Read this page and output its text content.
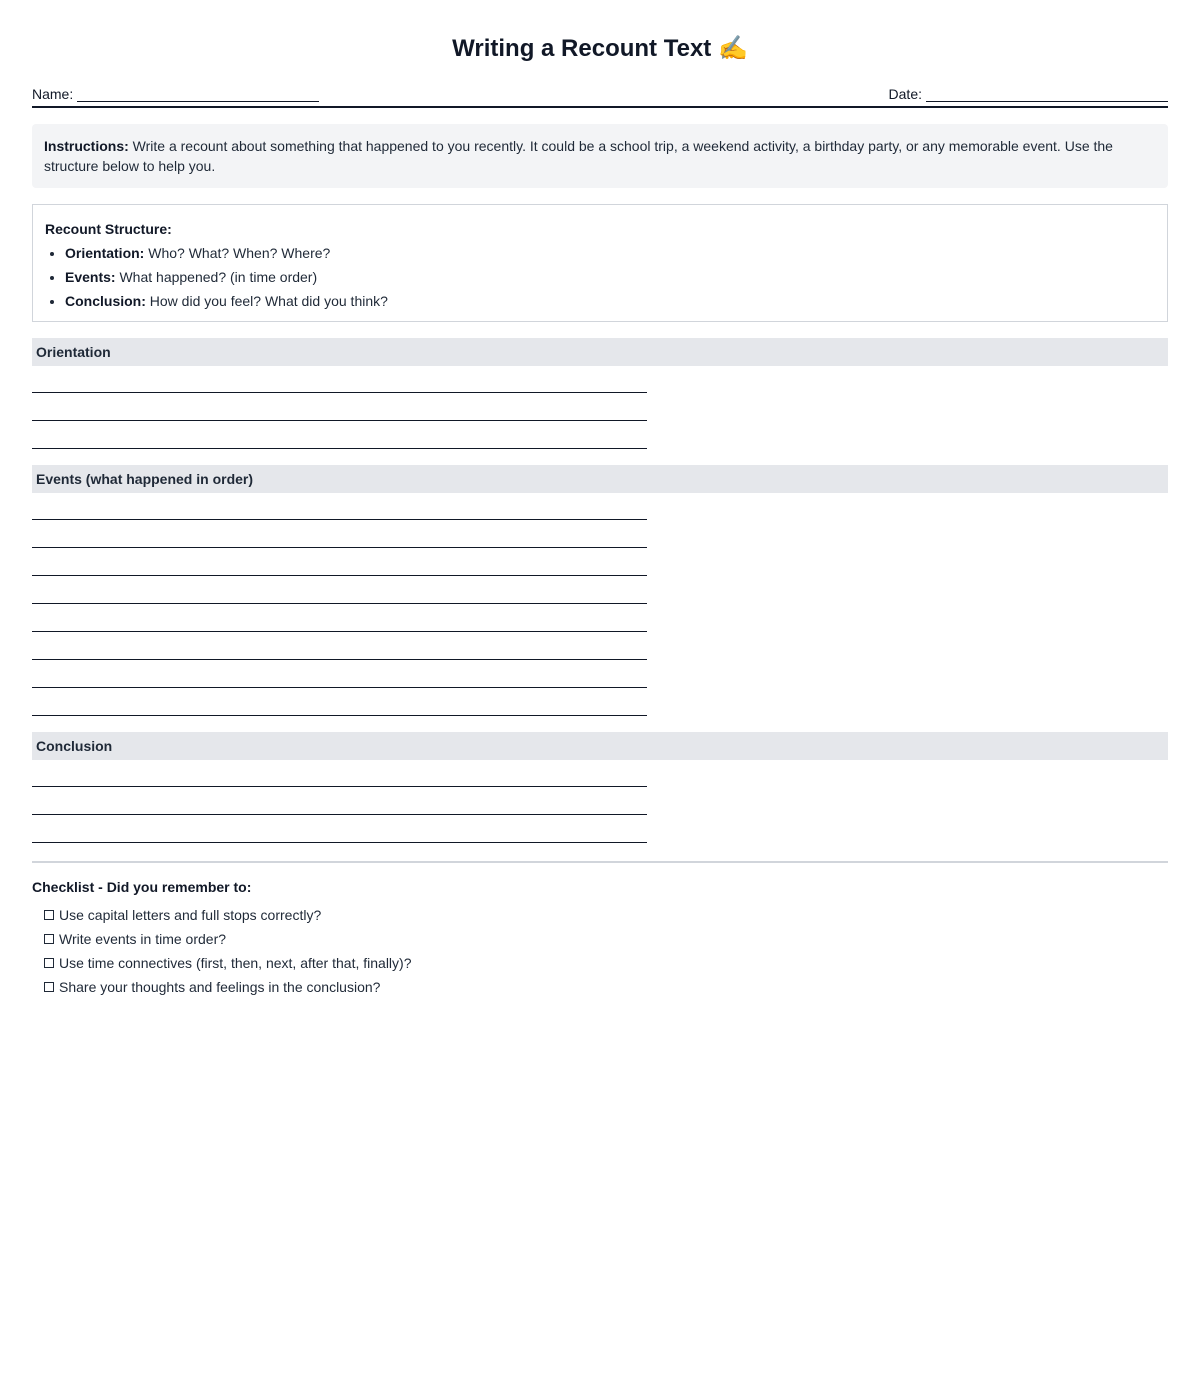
Writing a Recount Text ✍️
Name:	Date:
Instructions: Write a recount about something that happened to you recently. It could be a school trip, a weekend activity, a birthday party, or any memorable event. Use the structure below to help you.
Recount Structure:
• Orientation: Who? What? When? Where?
• Events: What happened? (in time order)
• Conclusion: How did you feel? What did you think?
Orientation
Events (what happened in order)
Conclusion
Checklist - Did you remember to:
Use capital letters and full stops correctly?
Write events in time order?
Use time connectives (first, then, next, after that, finally)?
Share your thoughts and feelings in the conclusion?
